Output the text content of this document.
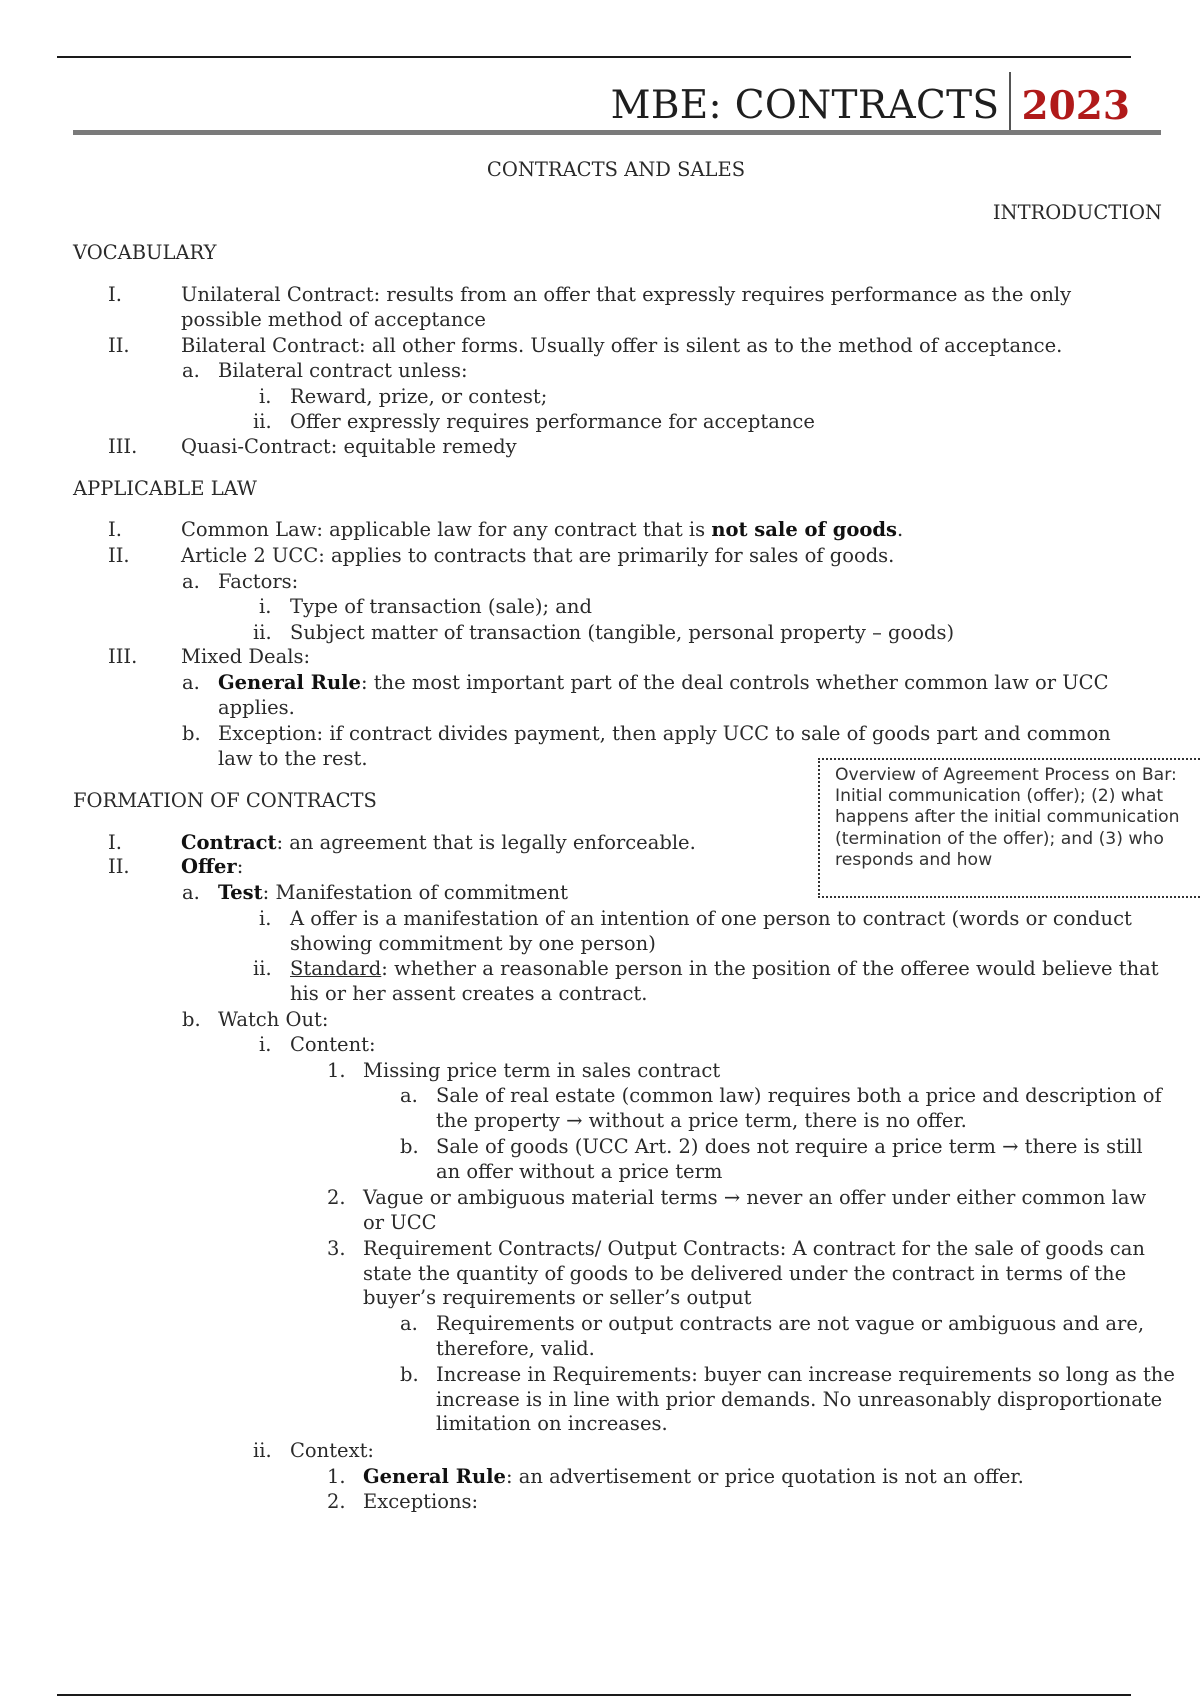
MBE: CONTRACTS 2023
CONTRACTS AND SALES
INTRODUCTION
VOCABULARY
I.	Unilateral Contract: results from an offer that expressly requires performance as the only possible method of acceptance
II.	Bilateral Contract: all other forms. Usually offer is silent as to the method of acceptance.
a. Bilateral contract unless:
i. Reward, prize, or contest;
ii. Offer expressly requires performance for acceptance
III. Quasi-Contract: equitable remedy
APPLICABLE LAW
I.	Common Law: applicable law for any contract that is not sale of goods.
II.	Article 2 UCC: applies to contracts that are primarily for sales of goods.
a. Factors:
i. Type of transaction (sale); and
ii. Subject matter of transaction (tangible, personal property – goods)
III. Mixed Deals:
a. General Rule: the most important part of the deal controls whether common law or UCC applies.
b. Exception: if contract divides payment, then apply UCC to sale of goods part and common law to the rest.
Overview of Agreement Process on Bar:
Initial communication (offer); (2) what happens after the initial communication (termination of the offer); and (3) who responds and how
FORMATION OF CONTRACTS
I.	Contract: an agreement that is legally enforceable.
II.	Offer:
a. Test: Manifestation of commitment
i. A offer is a manifestation of an intention of one person to contract (words or conduct showing commitment by one person)
ii. Standard: whether a reasonable person in the position of the offeree would believe that his or her assent creates a contract.
b. Watch Out:
i. Content:
1. Missing price term in sales contract
a. Sale of real estate (common law) requires both a price and description of the property → without a price term, there is no offer.
b. Sale of goods (UCC Art. 2) does not require a price term → there is still an offer without a price term
2. Vague or ambiguous material terms → never an offer under either common law or UCC
3. Requirement Contracts/ Output Contracts: A contract for the sale of goods can state the quantity of goods to be delivered under the contract in terms of the buyer’s requirements or seller’s output
a. Requirements or output contracts are not vague or ambiguous and are, therefore, valid.
b. Increase in Requirements: buyer can increase requirements so long as the increase is in line with prior demands. No unreasonably disproportionate limitation on increases.
ii. Context:
1. General Rule: an advertisement or price quotation is not an offer.
2. Exceptions:
